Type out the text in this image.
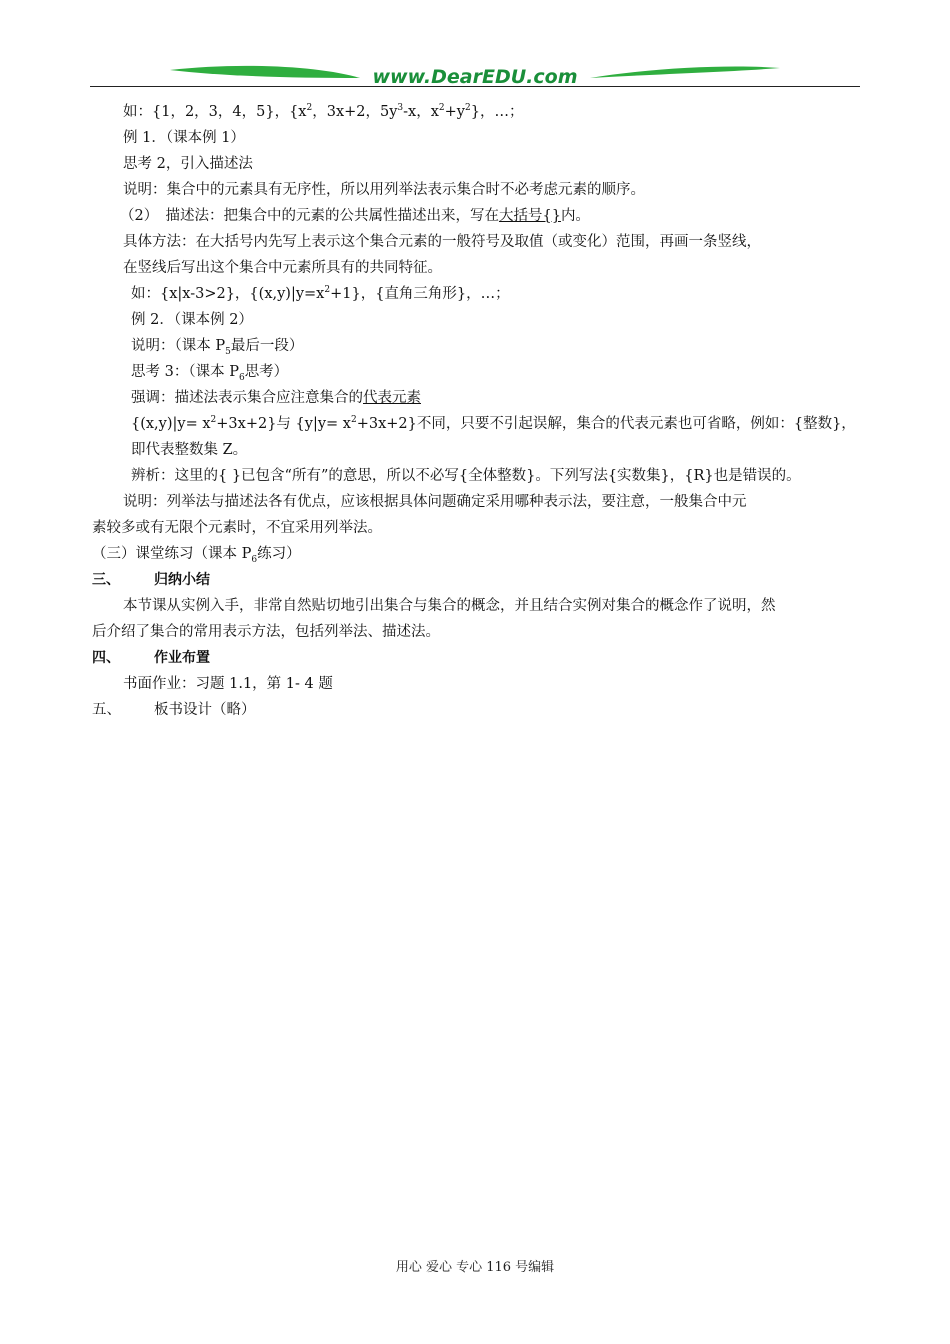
www.DearEDU.com
如：{1，2，3，4，5}，{$x^2$，3x+2，$5y^3-x$，$x^2+y^2$}，…；
例 1．（课本例 1）
思考 2，引入描述法
说明：集合中的元素具有无序性，所以用列举法表示集合时不必考虑元素的顺序。
（2）　描述法：把集合中的元素的公共属性描述出来，写在大括号{}内。
具体方法：在大括号内先写上表示这个集合元素的一般符号及取值（或变化）范围，再画一条竖线，
在竖线后写出这个集合中元素所具有的共同特征。
如：{x|x-3>2}，$\{(x,y)|y=x^2+1\}$，{直角三角形}，…；
例 2．（课本例 2）
说明：（课本 $P_5$最后一段）
思考 3：（课本 $P_6$思考）
强调：描述法表示集合应注意集合的代表元素
$\{(x,y)|y= x^2+3x+2\}$与 $\{y|y= x^2+3x+2\}$不同，只要不引起误解，集合的代表元素也可省略，例如：{整数}，
即代表整数集 Z。
辨析：这里的{ }已包含“所有”的意思，所以不必写{全体整数}。下列写法{实数集}，{R}也是错误的。
说明：列举法与描述法各有优点，应该根据具体问题确定采用哪种表示法，要注意，一般集合中元
素较多或有无限个元素时，不宜采用列举法。
（三）课堂练习（课本 $P_6$练习）
三、 归纳小结
本节课从实例入手，非常自然贴切地引出集合与集合的概念，并且结合实例对集合的概念作了说明，然
后介绍了集合的常用表示方法，包括列举法、描述法。
四、 作业布置
书面作业：习题 1.1，第 1- 4 题
五、 板书设计（略）
用心 爱心 专心 116 号编辑
